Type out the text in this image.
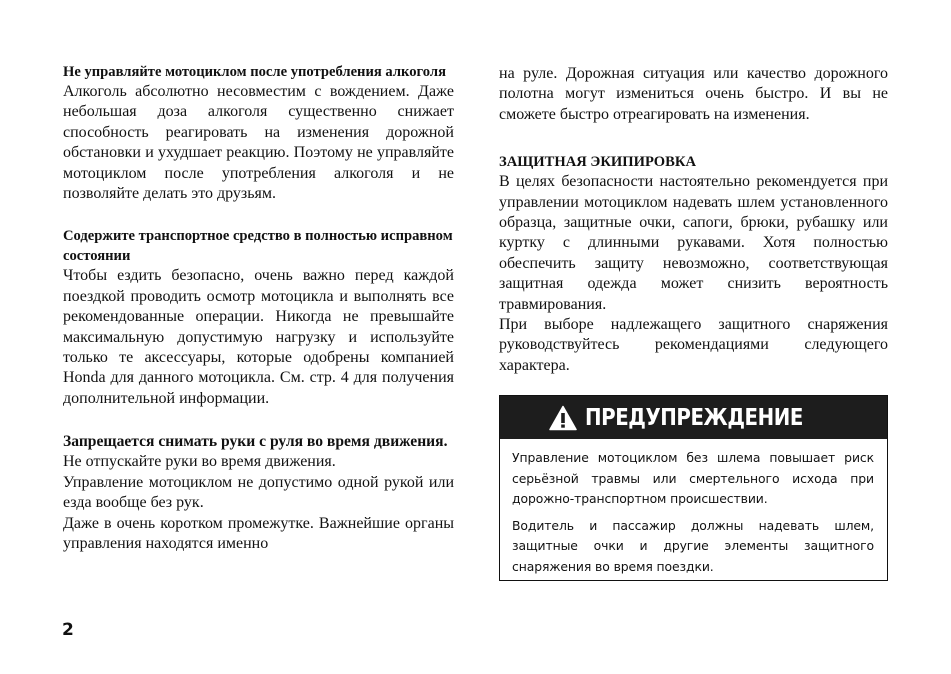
Не управляйте мотоциклом после употребления алкоголя

Алкоголь абсолютно несовместим с вождением. Даже небольшая доза алкоголя существенно снижает способность реагировать на изменения дорожной обстановки и ухудшает реакцию. Поэтому не управляйте мотоциклом после употребления алкоголя и не позволяйте делать это друзьям.

Содержите транспортное средство в полностью исправном состоянии

Чтобы ездить безопасно, очень важно перед каждой поездкой проводить осмотр мотоцикла и выполнять все рекомендованные операции. Никогда не превышайте максимальную допустимую нагрузку и используйте только те аксессуары, которые одобрены компанией Honda для данного мотоцикла. См. стр. 4 для получения дополнительной информации.

Запрещается снимать руки с руля во время движения.

Не отпускайте руки во время движения.

Управление мотоциклом не допустимо одной рукой или езда вообще без рук.

Даже в очень коротком промежутке. Важнейшие органы управления находятся именно

на руле. Дорожная ситуация или качество дорожного полотна могут измениться очень быстро. И вы не сможете быстро отреагировать на изменения.

ЗАЩИТНАЯ ЭКИПИРОВКА

В целях безопасности настоятельно рекомендуется при управлении мотоциклом надевать шлем установленного образца, защитные очки, сапоги, брюки, рубашку или куртку с длинными рукавами. Хотя полностью обеспечить защиту невозможно, соответствующая защитная одежда может снизить вероятность травмирования.

При выборе надлежащего защитного снаряжения руководствуйтесь рекомендациями следующего характера.

ПРЕДУПРЕЖДЕНИЕ

Управление мотоциклом без шлема повышает риск серьёзной травмы или смертельного исхода при дорожно-транспортном происшествии.

Водитель и пассажир должны надевать шлем, защитные очки и другие элементы защитного снаряжения во время поездки.

2
